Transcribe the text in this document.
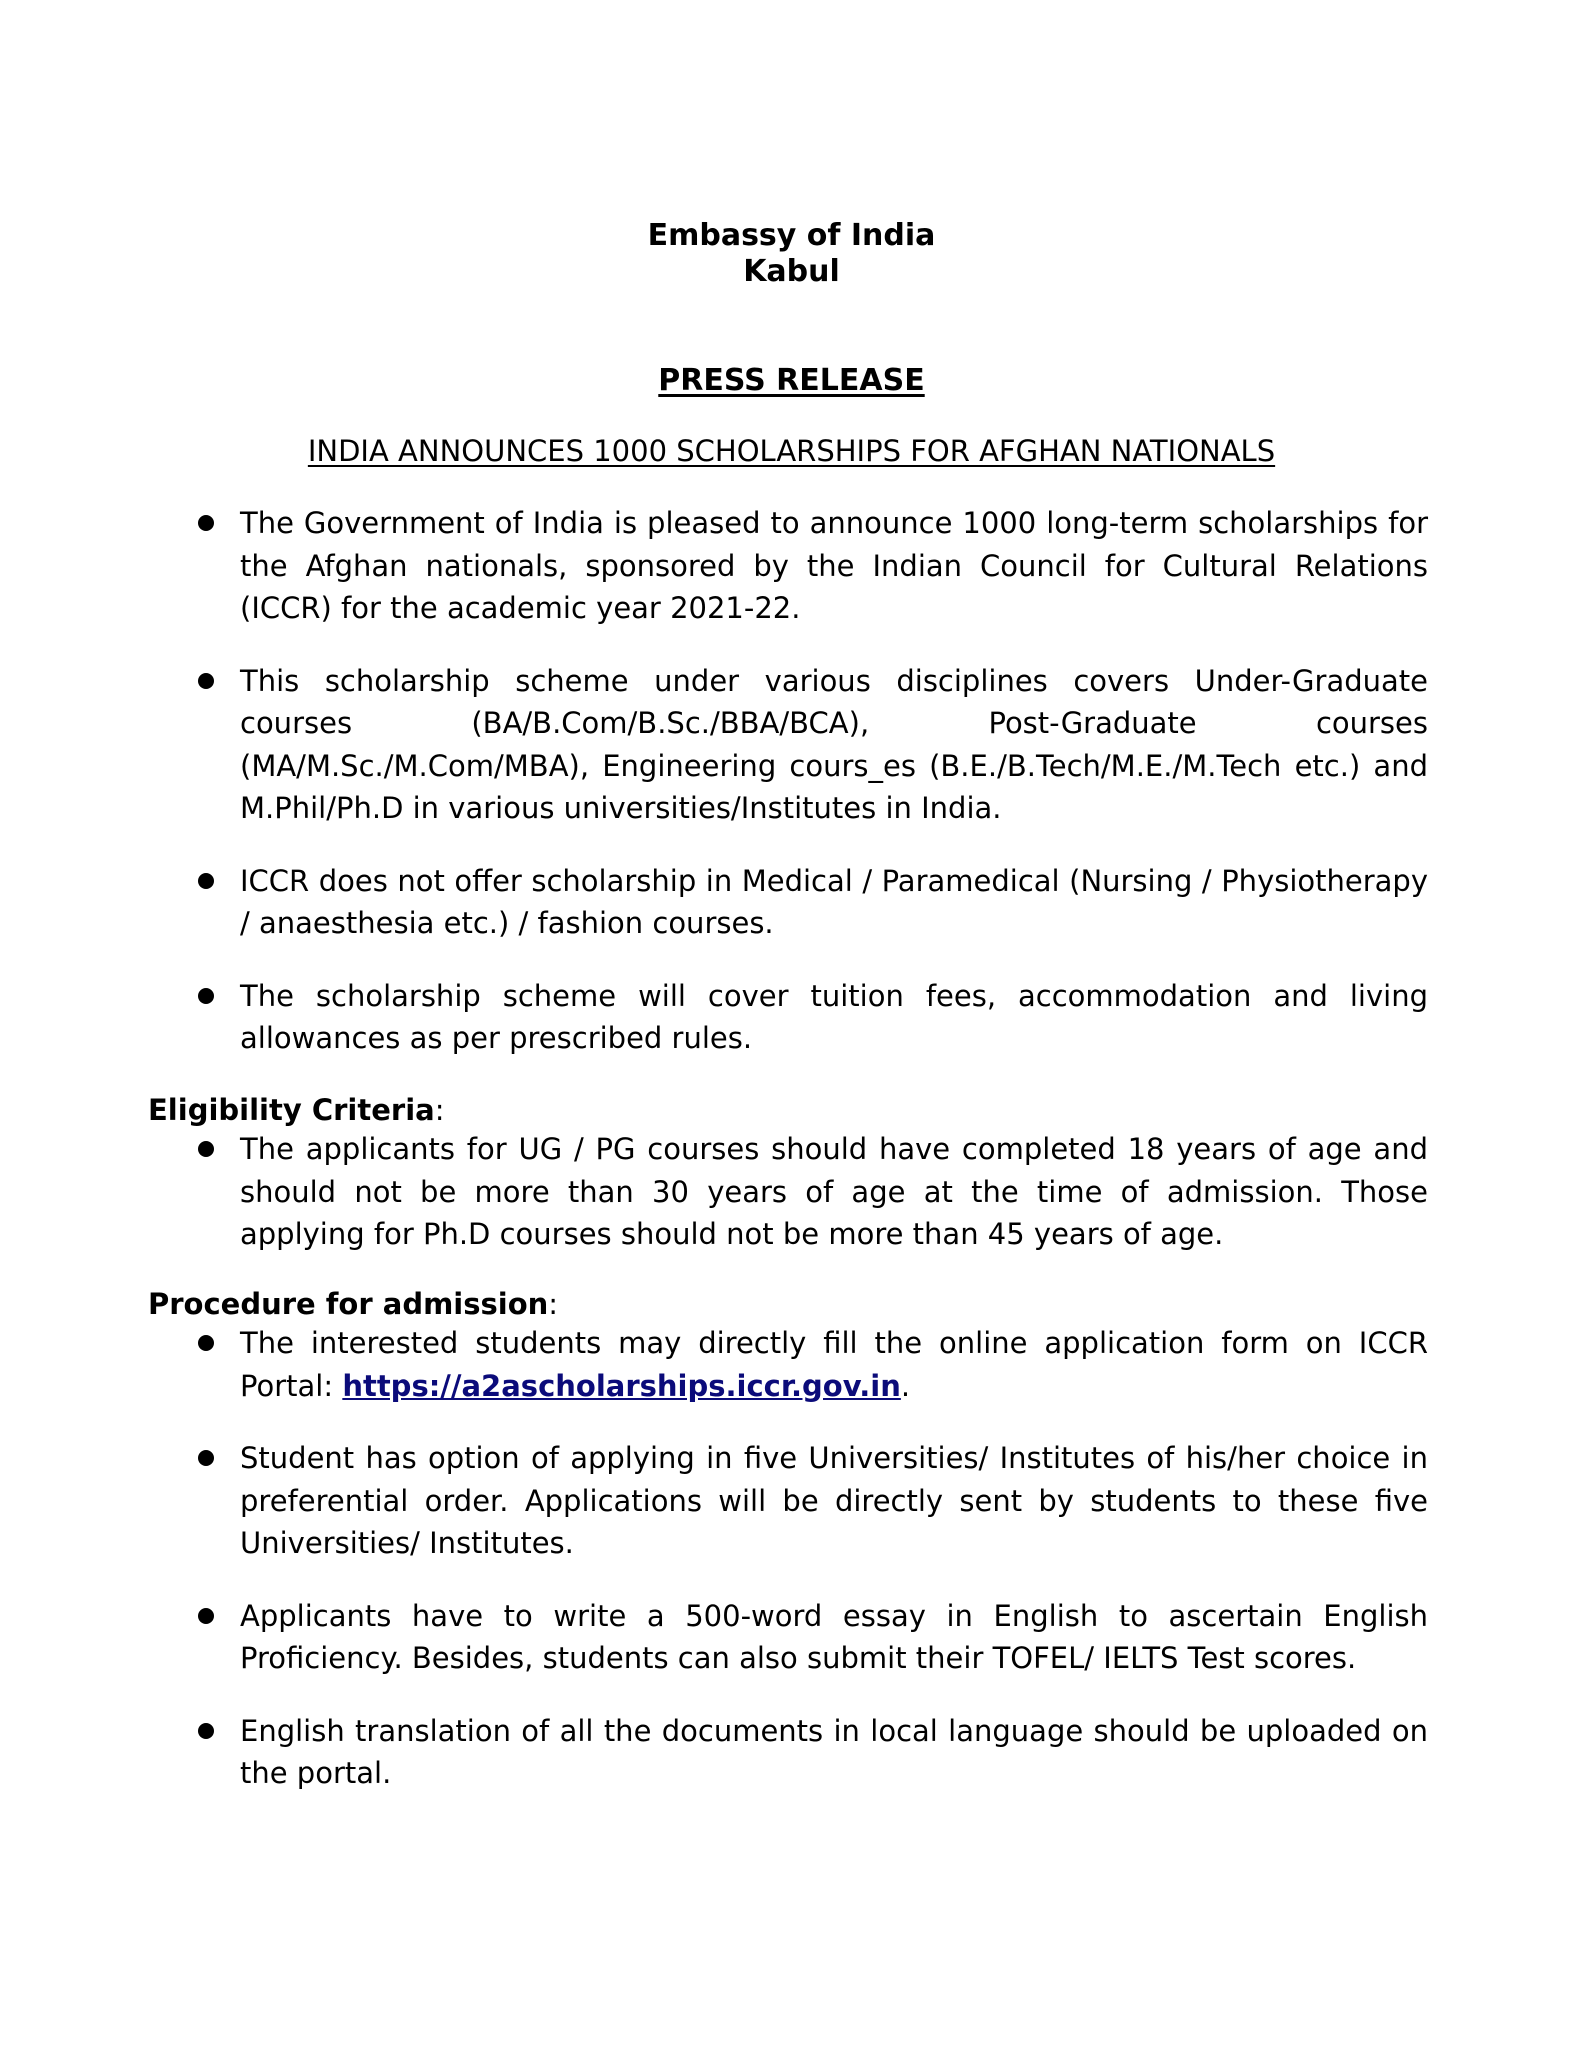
Embassy of India
Kabul
PRESS RELEASE
INDIA ANNOUNCES 1000 SCHOLARSHIPS FOR AFGHAN NATIONALS
The Government of India is pleased to announce 1000 long-term scholarships for the Afghan nationals, sponsored by the Indian Council for Cultural Relations (ICCR) for the academic year 2021-22.
This scholarship scheme under various disciplines covers Under-Graduate courses (BA/B.Com/B.Sc./BBA/BCA), Post-Graduate courses (MA/M.Sc./M.Com/MBA), Engineering cours_es (B.E./B.Tech/M.E./M.Tech etc.) and M.Phil/Ph.D in various universities/Institutes in India.
ICCR does not offer scholarship in Medical / Paramedical (Nursing / Physiotherapy / anaesthesia etc.) / fashion courses.
The scholarship scheme will cover tuition fees, accommodation and living allowances as per prescribed rules.
Eligibility Criteria:
The applicants for UG / PG courses should have completed 18 years of age and should not be more than 30 years of age at the time of admission. Those applying for Ph.D courses should not be more than 45 years of age.
Procedure for admission:
The interested students may directly fill the online application form on ICCR Portal: https://a2ascholarships.iccr.gov.in.
Student has option of applying in five Universities/ Institutes of his/her choice in preferential order. Applications will be directly sent by students to these five Universities/ Institutes.
Applicants have to write a 500-word essay in English to ascertain English Proficiency. Besides, students can also submit their TOFEL/ IELTS Test scores.
English translation of all the documents in local language should be uploaded on the portal.
